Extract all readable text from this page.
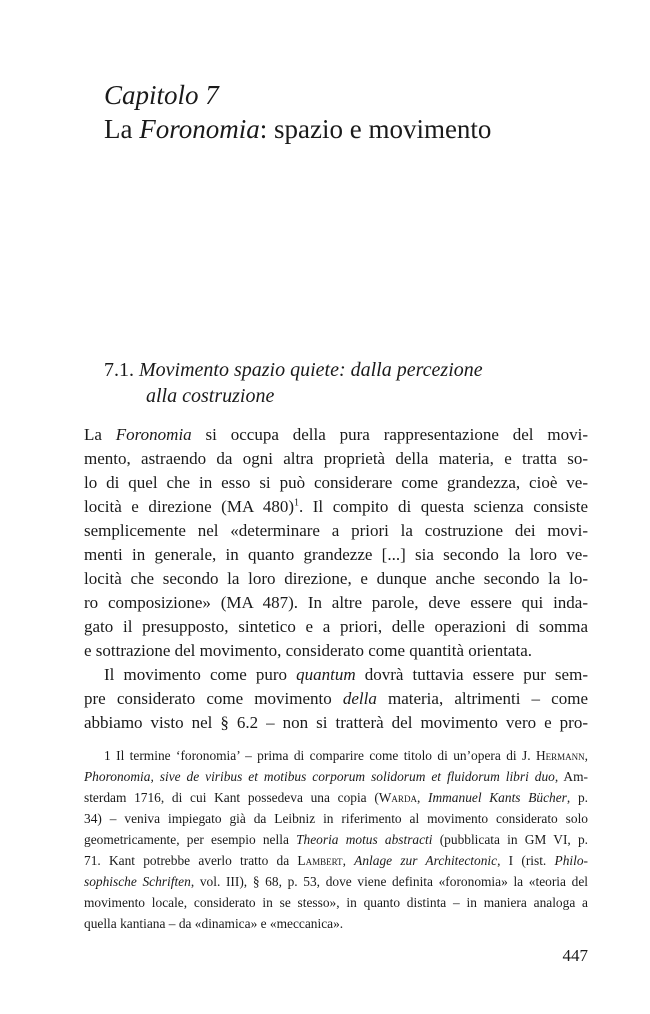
Capitolo 7
La Foronomia: spazio e movimento
7.1. Movimento spazio quiete: dalla percezione
alla costruzione
La Foronomia si occupa della pura rappresentazione del movi-
mento, astraendo da ogni altra proprietà della materia, e tratta so-
lo di quel che in esso si può considerare come grandezza, cioè ve-
locità e direzione (MA 480)$^1$. Il compito di questa scienza consiste
semplicemente nel «determinare a priori la costruzione dei movi-
menti in generale, in quanto grandezze [...] sia secondo la loro ve-
locità che secondo la loro direzione, e dunque anche secondo la lo-
ro composizione» (MA 487). In altre parole, deve essere qui inda-
gato il presupposto, sintetico e a priori, delle operazioni di somma
e sottrazione del movimento, considerato come quantità orientata.
Il movimento come puro quantum dovrà tuttavia essere pur sem-
pre considerato come movimento della materia, altrimenti – come
abbiamo visto nel § 6.2 – non si tratterà del movimento vero e pro-
1 Il termine ‘foronomia’ – prima di comparire come titolo di un’opera di J. Hermann,
Phoronomia, sive de viribus et motibus corporum solidorum et fluidorum libri duo, Am-
sterdam 1716, di cui Kant possedeva una copia (Warda, Immanuel Kants Bücher, p.
34) – veniva impiegato già da Leibniz in riferimento al movimento considerato solo
geometricamente, per esempio nella Theoria motus abstracti (pubblicata in GM VI, p.
71. Kant potrebbe averlo tratto da Lambert, Anlage zur Architectonic, I (rist. Philo-
sophische Schriften, vol. III), § 68, p. 53, dove viene definita «foronomia» la «teoria del
movimento locale, considerato in se stesso», in quanto distinta – in maniera analoga a
quella kantiana – da «dinamica» e «meccanica».
447
